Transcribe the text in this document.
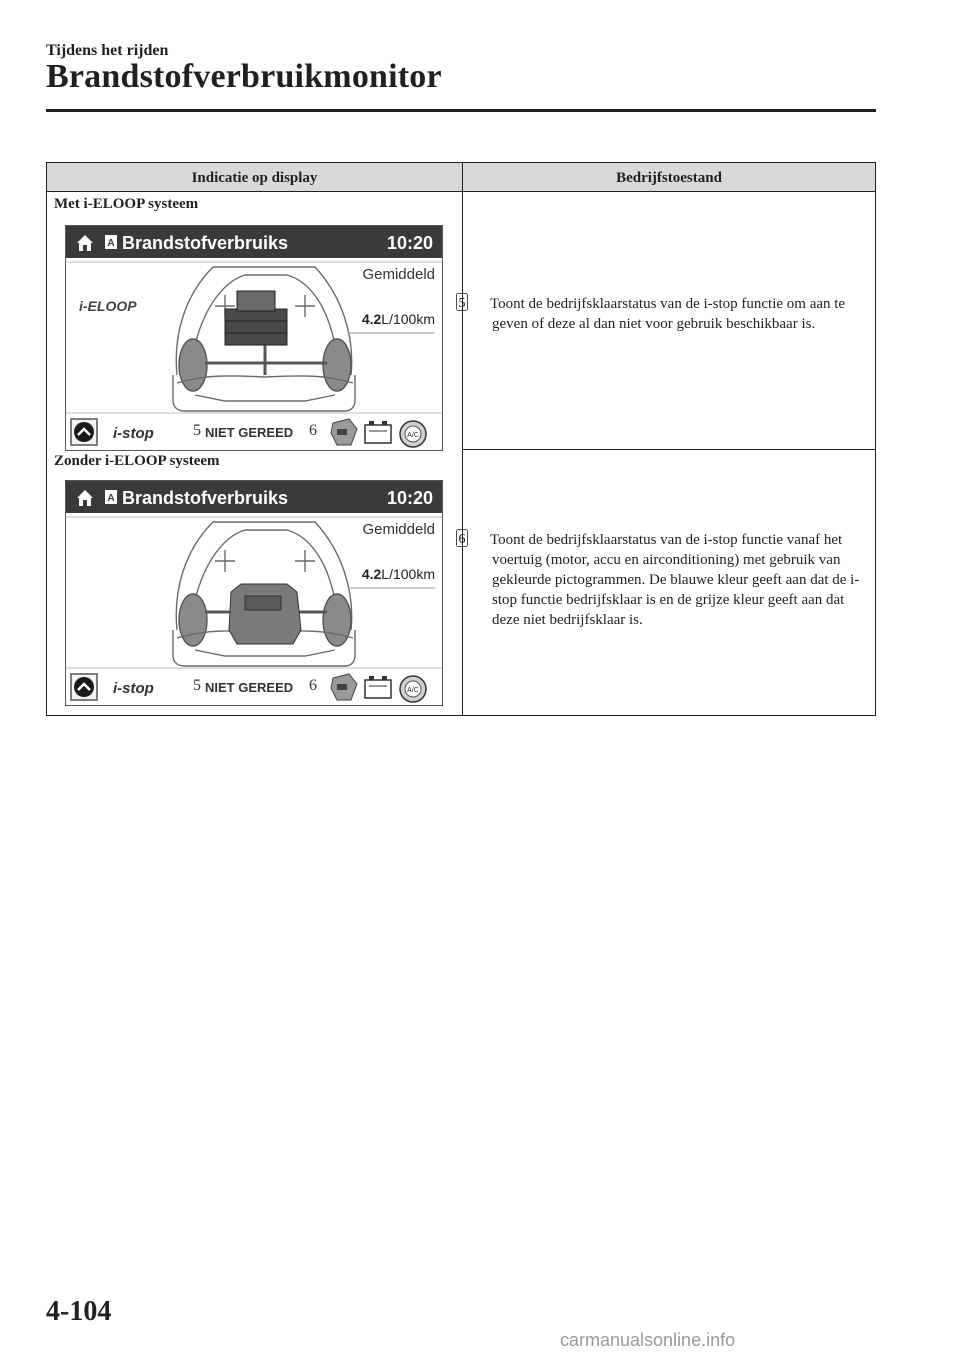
Tijdens het rijden
Brandstofverbruikmonitor
Indicatie op display	Bedrijfstoestand
Met i-ELOOP systeem
A Brandstofverbruiks	10:20
Gemiddeld
4.2L/100km
i-ELOOP
i-stop 5 NIET GEREED 6	A/C

5 Toont de bedrijfsklaarstatus van de i-stop functie om aan te geven of deze al dan niet voor gebruik beschikbaar is.

Zonder i-ELOOP systeem
A Brandstofverbruiks	10:20
Gemiddeld
4.2L/100km
i-stop 5 NIET GEREED 6	A/C

6 Toont de bedrijfsklaarstatus van de i-stop functie vanaf het voertuig (motor, accu en airconditioning) met gebruik van gekleurde pictogrammen. De blauwe kleur geeft aan dat de i-stop functie bedrijfsklaar is en de grijze kleur geeft aan dat deze niet bedrijfsklaar is.

4-104
carmanualsonline.info
